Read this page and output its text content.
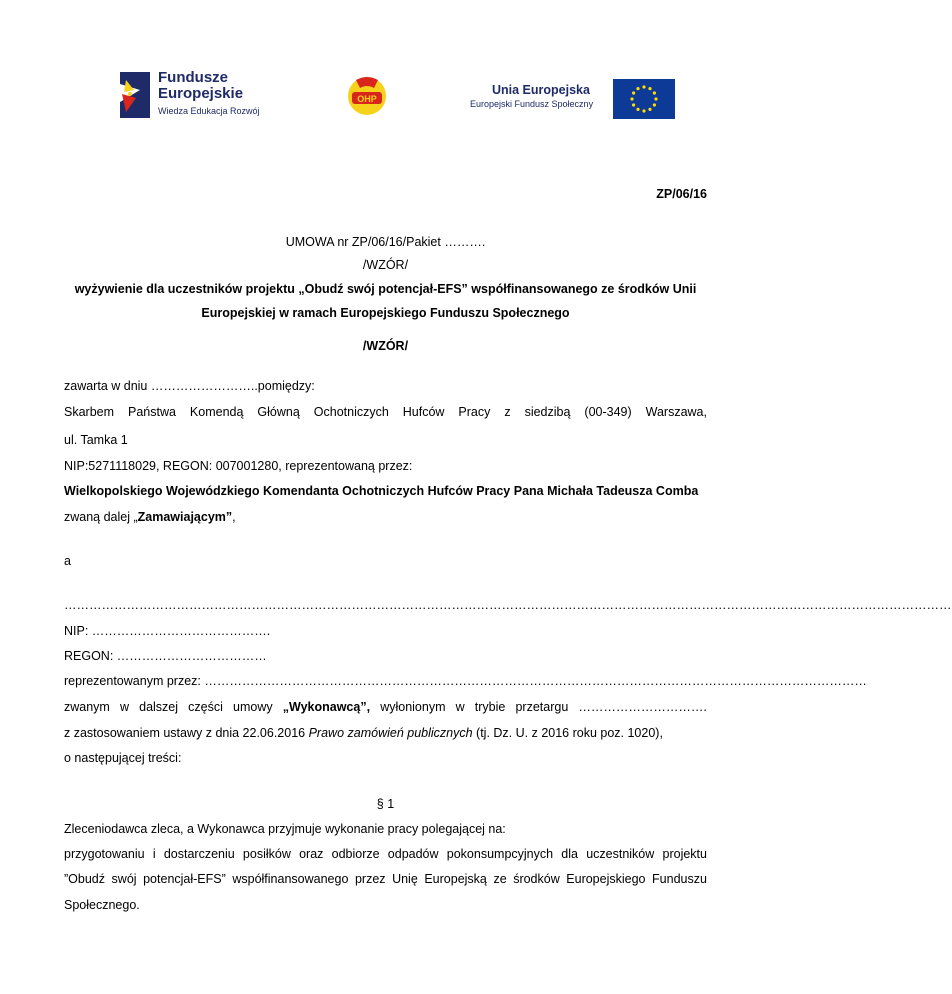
Fundusze
Europejskie
Wiedza Edukacja Rozwój
OHP
Unia Europejska
Europejski Fundusz Społeczny
ZP/06/16
UMOWA nr ZP/06/16/Pakiet ……….
/WZÓR/
wyżywienie dla uczestników projektu „Obudź swój potencjał-EFS” współfinansowanego ze środków Unii
Europejskiej w ramach Europejskiego Funduszu Społecznego
/WZÓR/
zawarta w dniu ……………………..pomiędzy:
Skarbem Państwa Komendą Główną Ochotniczych Hufców Pracy z siedzibą (00-349) Warszawa,
ul. Tamka 1
NIP:5271118029, REGON: 007001280, reprezentowaną przez:
Wielkopolskiego Wojewódzkiego Komendanta Ochotniczych Hufców Pracy Pana Michała Tadeusza Comba
zwaną dalej „Zamawiającym”,
a
……………………………………………………………………………………………………………………………………………………………………………………………
NIP: …………………………………….
REGON: ………………………………
reprezentowanym przez: ……………………………………………………………………………………………………………………………………………
zwanym w dalszej części umowy „Wykonawcą”, wyłonionym w trybie przetargu ………………………….
z zastosowaniem ustawy z dnia 22.06.2016 Prawo zamówień publicznych (tj. Dz. U. z 2016 roku poz. 1020),
o następującej treści:
§ 1
Zleceniodawca zleca, a Wykonawca przyjmuje wykonanie pracy polegającej na:
przygotowaniu i dostarczeniu posiłków oraz odbiorze odpadów pokonsumpcyjnych dla uczestników projektu
”Obudź swój potencjał-EFS” współfinansowanego przez Unię Europejską ze środków Europejskiego Funduszu
Społecznego.
